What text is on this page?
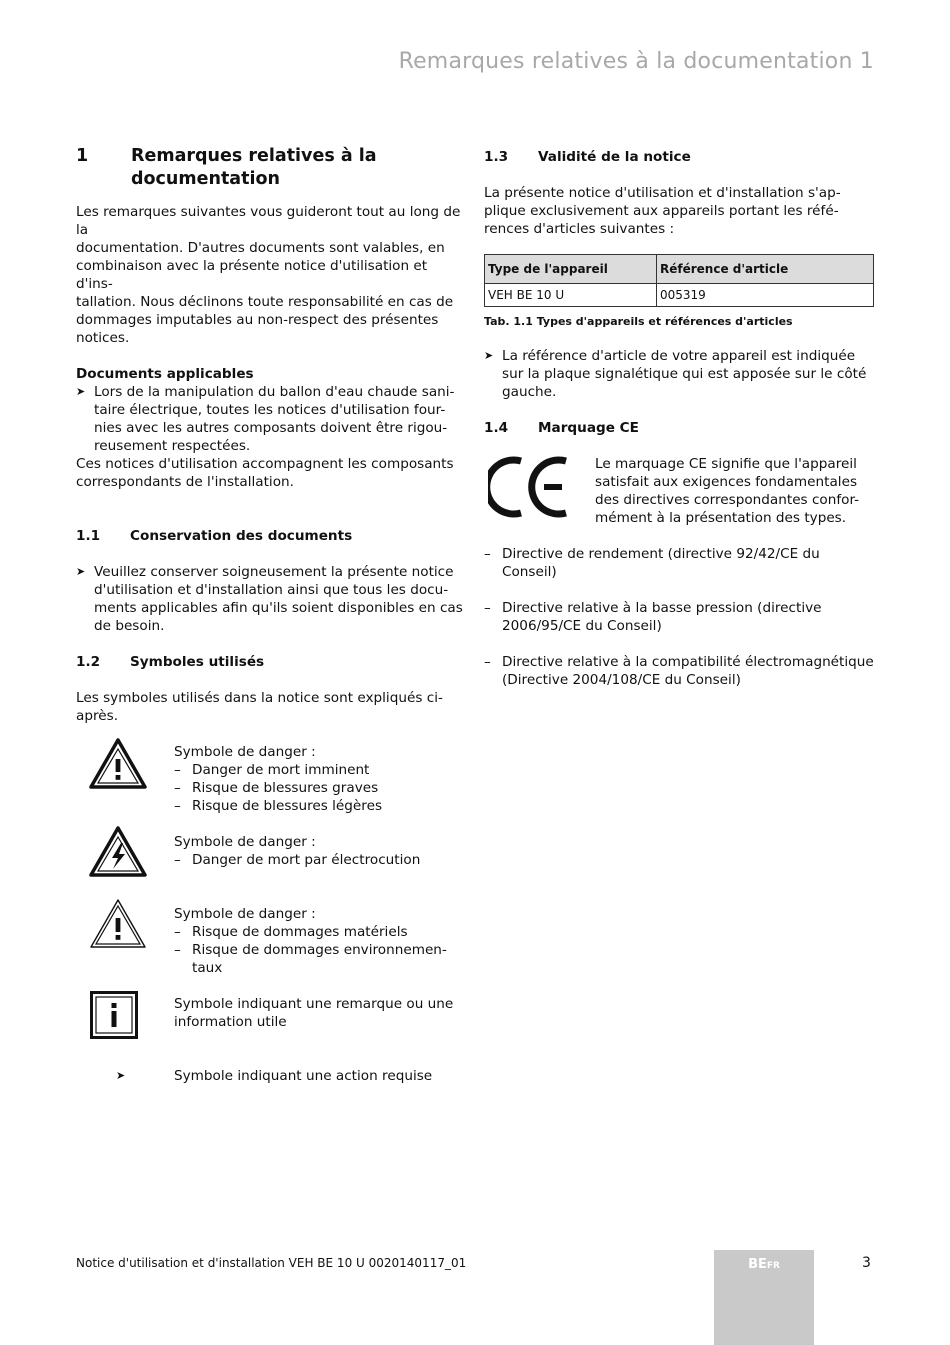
Remarques relatives à la documentation 1
1 Remarques relatives à la
documentation

Les remarques suivantes vous guideront tout au long de la
documentation. D'autres documents sont valables, en
combinaison avec la présente notice d'utilisation et d'ins-
tallation. Nous déclinons toute responsabilité en cas de
dommages imputables au non-respect des présentes
notices.

Documents applicables

➤ Lors de la manipulation du ballon d'eau chaude sani-
taire électrique, toutes les notices d'utilisation four-
nies avec les autres composants doivent être rigou-
reusement respectées.

Ces notices d'utilisation accompagnent les composants
correspondants de l'installation.

1.1 Conservation des documents
➤ Veuillez conserver soigneusement la présente notice
d'utilisation et d'installation ainsi que tous les docu-
ments applicables afin qu'ils soient disponibles en cas
de besoin.
1.2 Symboles utilisés

Les symboles utilisés dans la notice sont expliqués ci-
après.

Symbole de danger :
– Danger de mort imminent
– Risque de blessures graves
– Risque de blessures légères
Symbole de danger :
– Danger de mort par électrocution
Symbole de danger :
– Risque de dommages matériels
– Risque de dommages environnemen-
taux
Symbole indiquant une remarque ou une
information utile
➤	Symbole indiquant une action requise
1.3 Validité de la notice

La présente notice d'utilisation et d'installation s'ap-
plique exclusivement aux appareils portant les réfé-
rences d'articles suivantes :

Type de l'appareil	Référence d'article
VEH BE 10 U	005319
Tab. 1.1 Types d'appareils et références d'articles
➤ La référence d'article de votre appareil est indiquée
sur la plaque signalétique qui est apposée sur le côté
gauche.
1.4 Marquage CE

Le marquage CE signifie que l'appareil
satisfait aux exigences fondamentales
des directives correspondantes confor-
mément à la présentation des types.

– Directive de rendement (directive 92/42/CE du
Conseil)

– Directive relative à la basse pression (directive
2006/95/CE du Conseil)

– Directive relative à la compatibilité électromagnétique
(Directive 2004/108/CE du Conseil)

Notice d'utilisation et d'installation VEH BE 10 U 0020140117_01	BEFR	3
